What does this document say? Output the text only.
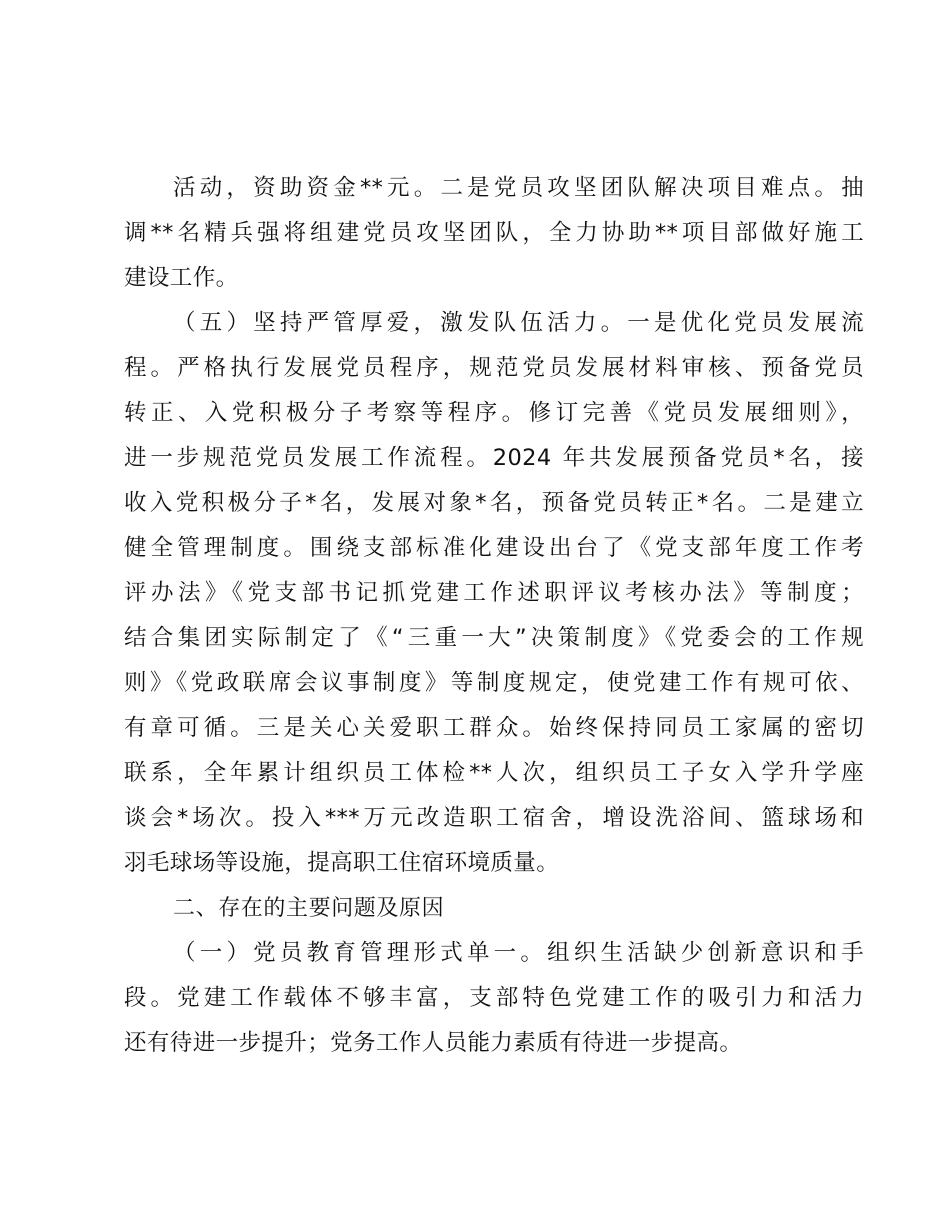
活动，资助资金**元。二是党员攻坚团队解决项目难点。抽
调**名精兵强将组建党员攻坚团队，全力协助**项目部做好施工
建设工作。
（五）坚持严管厚爱，激发队伍活力。一是优化党员发展流
程。严格执行发展党员程序，规范党员发展材料审核、预备党员
转正、入党积极分子考察等程序。修订完善《党员发展细则》，
进一步规范党员发展工作流程。2024 年共发展预备党员*名，接
收入党积极分子*名，发展对象*名，预备党员转正*名。二是建立
健全管理制度。围绕支部标准化建设出台了《党支部年度工作考
评办法》《党支部书记抓党建工作述职评议考核办法》等制度；
结合集团实际制定了《“三重一大”决策制度》《党委会的工作规
则》《党政联席会议事制度》等制度规定，使党建工作有规可依、
有章可循。三是关心关爱职工群众。始终保持同员工家属的密切
联系，全年累计组织员工体检**人次，组织员工子女入学升学座
谈会*场次。投入***万元改造职工宿舍，增设洗浴间、篮球场和
羽毛球场等设施，提高职工住宿环境质量。
二、存在的主要问题及原因
（一）党员教育管理形式单一。组织生活缺少创新意识和手
段。党建工作载体不够丰富，支部特色党建工作的吸引力和活力
还有待进一步提升；党务工作人员能力素质有待进一步提高。
